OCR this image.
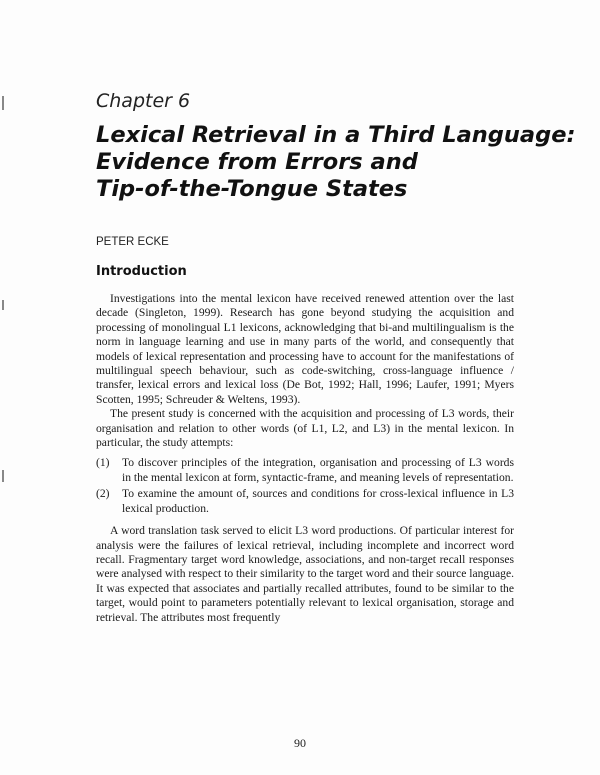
Chapter 6
Lexical Retrieval in a Third Language:
Evidence from Errors and
Tip-of-the-Tongue States
PETER ECKE
Introduction

Investigations into the mental lexicon have received renewed attention over the last decade (Singleton, 1999). Research has gone beyond studying the acquisition and processing of monolingual L1 lexicons, acknowledging that bi-and multilingualism is the norm in language learning and use in many parts of the world, and consequently that models of lexical representation and processing have to account for the manifestations of multilingual speech behaviour, such as code-switching, cross-language influence / transfer, lexical errors and lexical loss (De Bot, 1992; Hall, 1996; Laufer, 1991; Myers Scotten, 1995; Schreuder & Weltens, 1993).

The present study is concerned with the acquisition and processing of L3 words, their organisation and relation to other words (of L1, L2, and L3) in the mental lexicon. In particular, the study attempts:

(1)	To discover principles of the integration, organisation and processing of L3 words in the mental lexicon at form, syntactic-frame, and meaning levels of representation.
(2)	To examine the amount of, sources and conditions for cross-lexical influence in L3 lexical production.

A word translation task served to elicit L3 word productions. Of particular interest for analysis were the failures of lexical retrieval, including incomplete and incorrect word recall. Fragmentary target word knowledge, associations, and non-target recall responses were analysed with respect to their similarity to the target word and their source language. It was expected that associates and partially recalled attributes, found to be similar to the target, would point to parameters potentially relevant to lexical organisation, storage and retrieval. The attributes most frequently

90
